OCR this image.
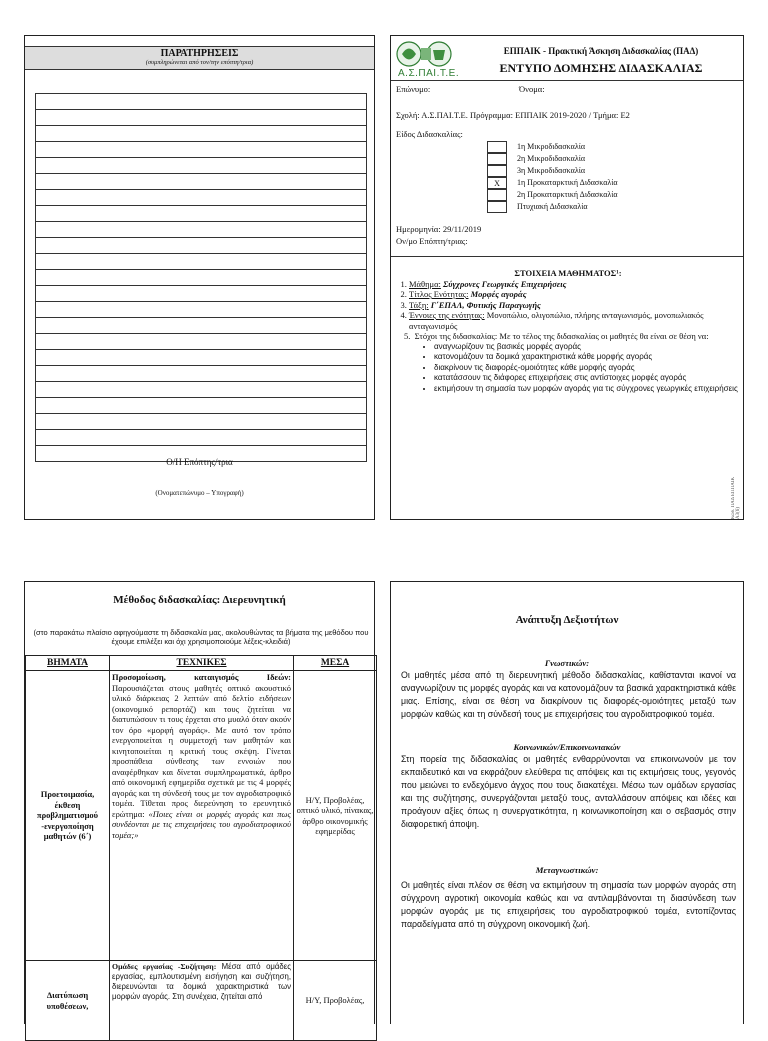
ΠΑΡΑΤΗΡΗΣΕΙΣ
(συμπληρώνεται από τον/την επόπτη/τρια)
Ο/Η Επόπτης/τρια
(Ονοματεπώνυμο – Υπογραφή)
Α.Σ.ΠΑΙ.Τ.Ε.
ΕΠΠΑΙΚ - Πρακτική Άσκηση Διδασκαλίας (ΠΑΔ)
ΕΝΤΥΠΟ ΔΟΜΗΣΗΣ ΔΙΔΑΣΚΑΛΙΑΣ
Επώνυμο:	Όνομα:
Σχολή: Α.Σ.ΠΑΙ.Τ.Ε. Πρόγραμμα: ΕΠΠΑΙΚ 2019-2020 / Τμήμα: Ε2
Είδος Διδασκαλίας:
1η Μικροδιδασκαλία
2η Μικροδιδασκαλία
3η Μικροδιδασκαλία
X	1η Προκαταρκτική Διδασκαλία
2η Προκαταρκτική Διδασκαλία
Πτυχιακή Διδασκαλία
Ημερομηνία: 29/11/2019
Ον/μο Επόπτη/τριας:
ΣΤΟΙΧΕΙΑ ΜΑΘΗΜΑΤΟΣ¹:
1. Μάθημα: Σύγχρονες Γεωργικές Επιχειρήσεις
2. Τίτλος Ενότητας: Μορφές αγοράς
3. Τάξη: Γ΄ΕΠΑΛ, Φυτικής Παραγωγής
4. Έννοιες της ενότητας: Μονοπώλιο, ολιγοπώλιο, πλήρης ανταγωνισμός, μονοπωλιακός ανταγωνισμός
5.  Στόχοι της διδασκαλίας: Με το τέλος της διδασκαλίας οι μαθητές θα είναι σε θέση να:
• αναγνωρίζουν τις βασικές μορφές αγοράς
• κατονομάζουν τα δομικά χαρακτηριστικά κάθε μορφής αγοράς
• διακρίνουν τις διαφορές-ομοιότητες κάθε μορφής αγοράς
• κατατάσσουν τις διάφορες επιχειρήσεις στις αντίστοιχες μορφές αγοράς
• εκτιμήσουν τη σημασία των μορφών αγοράς για τις σύγχρονες γεωργικές επιχειρήσεις
Κωδ. ΠΑΔ ΕΠΠΑΙΚ A3(6)
Μέθοδος διδασκαλίας: Διερευνητική
(στο παρακάτω πλαίσιο αφηγούμαστε τη διδασκαλία μας, ακολουθώντας τα βήματα της μεθόδου που έχουμε επιλέξει και όχι χρησιμοποιούμε λέξεις-κλειδιά)
ΒΗΜΑΤΑ	ΤΕΧΝΙΚΕΣ	ΜΕΣΑ
Προετοιμασία, έκθεση προβληματισμού -ενεργοποίηση μαθητών (6΄)	Προσομοίωση, καταιγισμός Ιδεών: Παρουσιάζεται στους μαθητές οπτικό ακουστικό υλικό διάρκειας 2 λεπτών από δελτίο ειδήσεων (οικονομικό ρεπορτάζ) και τους ζητείται να διατυπώσουν τι τους έρχεται στο μυαλό όταν ακούν τον όρο «μορφή αγοράς». Με αυτό τον τρόπο ενεργοποιείται η συμμετοχή των μαθητών και κινητοποιείται η κριτική τους σκέψη. Γίνεται προσπάθεια σύνθεσης των εννοιών που αναφέρθηκαν και δίνεται συμπληρωματικά, άρθρο από οικονομική εφημερίδα σχετικά με τις 4 μορφές αγοράς και τη σύνδεσή τους με τον αγροδιατροφικό τομέα. Τίθεται προς διερεύνηση το ερευνητικό ερώτημα: «Ποιες είναι οι μορφές αγοράς και πως συνδέονται με τις επιχειρήσεις του αγροδιατροφικού τομέα;»	Η/Υ, Προβολέας, οπτικό υλικό, πίνακας, άρθρο οικονομικής εφημερίδας
Διατύπωση υποθέσεων,	Ομάδες εργασίας -Συζήτηση: Μέσα από ομάδες εργασίας, εμπλουτισμένη εισήγηση και συζήτηση, διερευνώνται τα δομικά χαρακτηριστικά των μορφών αγοράς. Στη συνέχεια, ζητείται από	Η/Υ, Προβολέας,
Ανάπτυξη Δεξιοτήτων
Γνωστικών:
Οι μαθητές μέσα από τη διερευνητική μέθοδο διδασκαλίας, καθίστανται ικανοί να αναγνωρίζουν τις μορφές αγοράς και να κατονομάζουν τα βασικά χαρακτηριστικά κάθε μιας. Επίσης, είναι σε θέση να διακρίνουν τις διαφορές-ομοιότητες μεταξύ των μορφών καθώς και τη σύνδεσή τους με επιχειρήσεις του αγροδιατροφικού τομέα.
Κοινωνικών/Επικοινωνιακών
Στη πορεία της διδασκαλίας οι μαθητές ενθαρρύνονται να επικοινωνούν με τον εκπαιδευτικό και να εκφράζουν ελεύθερα τις απόψεις και τις εκτιμήσεις τους, γεγονός που μειώνει το ενδεχόμενο άγχος που τους διακατέχει. Μέσω των ομάδων εργασίας και της συζήτησης, συνεργάζονται μεταξύ τους, ανταλλάσουν απόψεις και ιδέες και προάγουν αξίες όπως η συνεργατικότητα, η κοινωνικοποίηση και ο σεβασμός στην διαφορετική άποψη.
Μεταγνωστικών:
Οι μαθητές είναι πλέον σε θέση να εκτιμήσουν τη σημασία των μορφών αγοράς στη σύγχρονη αγροτική οικονομία καθώς και να αντιλαμβάνονται τη διασύνδεση των μορφών αγοράς με τις επιχειρήσεις του αγροδιατροφικού τομέα, εντοπίζοντας παραδείγματα από τη σύγχρονη οικονομική ζωή.
